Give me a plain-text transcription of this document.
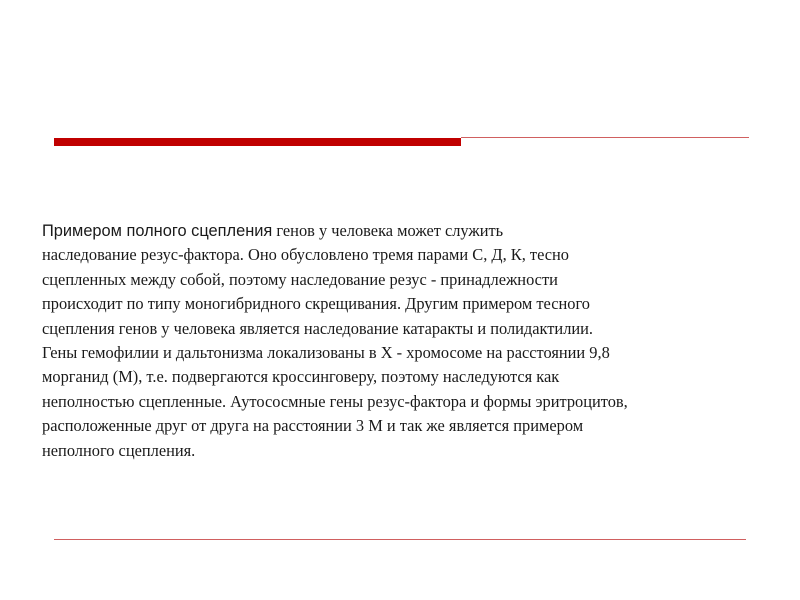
Примером полного сцепления генов у человека может служить
наследование резус-фактора. Оно обусловлено тремя парами С, Д, К, тесно
сцепленных между собой, поэтому наследование резус - принадлежности
происходит по типу моногибридного скрещивания. Другим примером тесного
сцепления генов у человека является наследование катаракты и полидактилии.
Гены гемофилии и дальтонизма локализованы в Х - хромосоме на расстоянии 9,8
морганид (М), т.е. подвергаются кроссинговеру, поэтому наследуются как
неполностью сцепленные. Аутососмные гены резус-фактора и формы эритроцитов,
расположенные друг от друга на расстоянии 3 М и так же является примером
неполного сцепления.
